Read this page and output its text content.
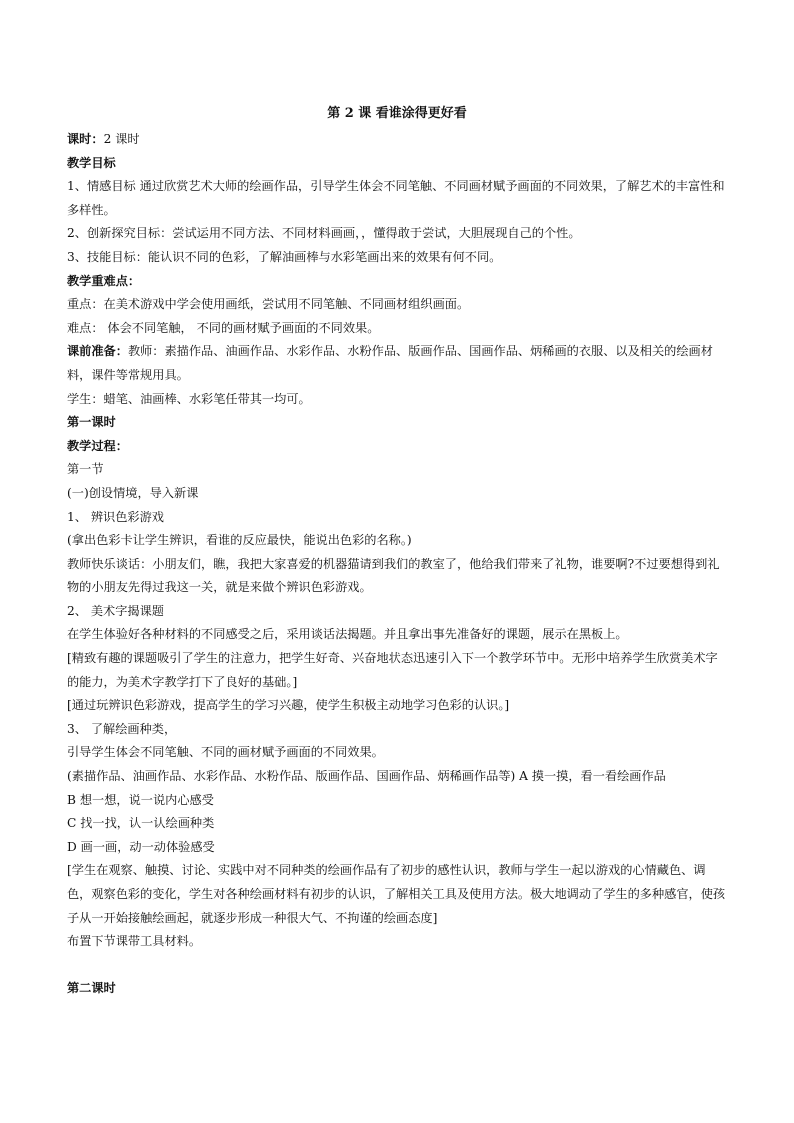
第 2 课 看谁涂得更好看

课时：2 课时

教学目标

1、情感目标 通过欣赏艺术大师的绘画作品，引导学生体会不同笔触、不同画材赋予画面的不同效果，了解艺术的丰富性和多样性。

2、创新探究目标：尝试运用不同方法、不同材料画画，，懂得敢于尝试，大胆展现自己的个性。

3、技能目标：能认识不同的色彩，了解油画棒与水彩笔画出来的效果有何不同。

教学重难点：

重点：在美术游戏中学会使用画纸，尝试用不同笔触、不同画材组织画面。

难点： 体会不同笔触， 不同的画材赋予画面的不同效果。

课前准备：教师：素描作品、油画作品、水彩作品、水粉作品、版画作品、国画作品、炳稀画的衣服、以及相关的绘画材料，课件等常规用具。

学生：蜡笔、油画棒、水彩笔任带其一均可。

第一课时

教学过程：

第一节

(一)创设情境，导入新课

1、 辨识色彩游戏

(拿出色彩卡让学生辨识，看谁的反应最快，能说出色彩的名称。)

教师快乐谈话：小朋友们，瞧，我把大家喜爱的机器猫请到我们的教室了，他给我们带来了礼物，谁要啊?不过要想得到礼物的小朋友先得过我这一关，就是来做个辨识色彩游戏。

2、 美术字揭课题

在学生体验好各种材料的不同感受之后，采用谈话法揭题。并且拿出事先准备好的课题，展示在黑板上。

[精致有趣的课题吸引了学生的注意力，把学生好奇、兴奋地状态迅速引入下一个教学环节中。无形中培养学生欣赏美术字的能力，为美术字教学打下了良好的基础。]

[通过玩辨识色彩游戏，提高学生的学习兴趣，使学生积极主动地学习色彩的认识。]

3、 了解绘画种类，

引导学生体会不同笔触、不同的画材赋予画面的不同效果。

(素描作品、油画作品、水彩作品、水粉作品、版画作品、国画作品、炳稀画作品等) A 摸一摸，看一看绘画作品

B 想一想，说一说内心感受

C 找一找，认一认绘画种类

D 画一画，动一动体验感受

[学生在观察、触摸、讨论、实践中对不同种类的绘画作品有了初步的感性认识，教师与学生一起以游戏的心情藏色、调色，观察色彩的变化，学生对各种绘画材料有初步的认识，了解相关工具及使用方法。极大地调动了学生的多种感官，使孩子从一开始接触绘画起，就逐步形成一种很大气、不拘谨的绘画态度]

布置下节课带工具材料。

第二课时
